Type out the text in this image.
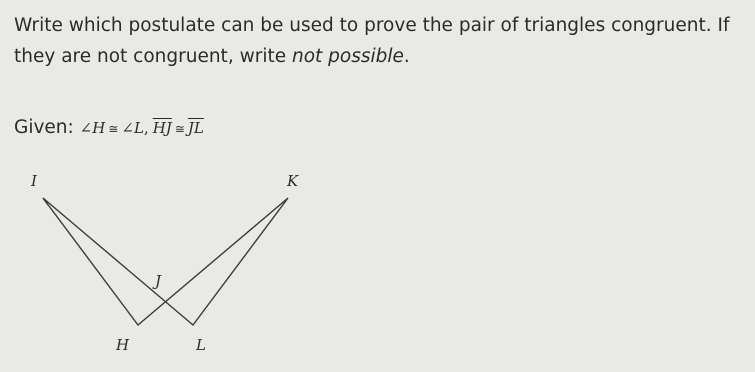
Write which postulate can be used to prove the pair of triangles congruent. If they are not congruent, write not possible.

Given: ∠H ≅ ∠L, $\overline{HJ}$ ≅ $\overline{JL}$
I	K
J
H	L
